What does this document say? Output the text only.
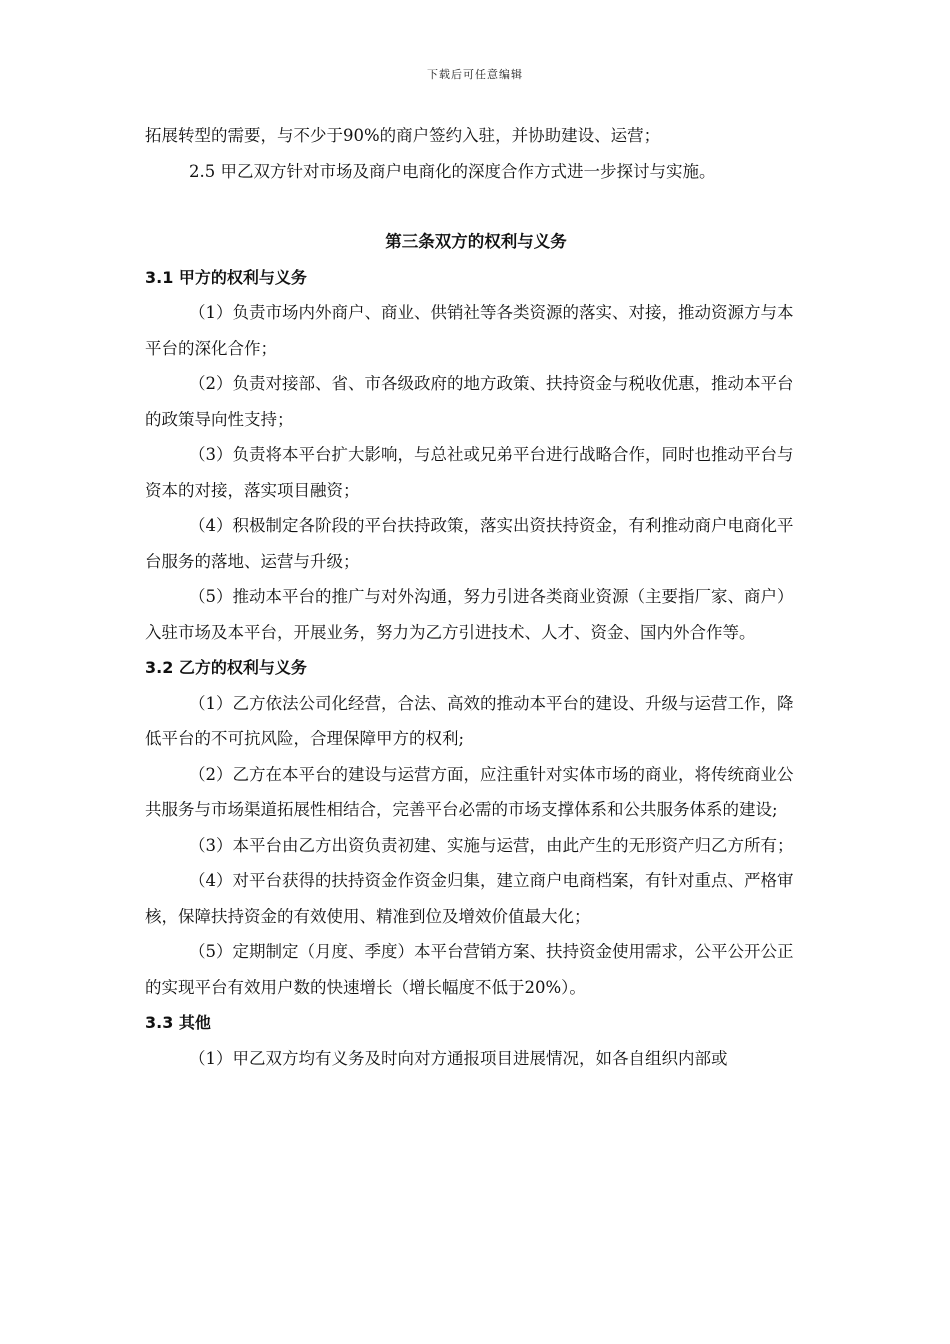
下载后可任意编辑

拓展转型的需要，与不少于90%的商户签约入驻，并协助建设、运营；

2.5 甲乙双方针对市场及商户电商化的深度合作方式进一步探讨与实施。

第三条双方的权利与义务

3.1 甲方的权利与义务

（1）负责市场内外商户、商业、供销社等各类资源的落实、对接，推动资源方与本平台的深化合作；

（2）负责对接部、省、市各级政府的地方政策、扶持资金与税收优惠，推动本平台的政策导向性支持；

（3）负责将本平台扩大影响，与总社或兄弟平台进行战略合作，同时也推动平台与资本的对接，落实项目融资；

（4）积极制定各阶段的平台扶持政策，落实出资扶持资金，有利推动商户电商化平台服务的落地、运营与升级；

（5）推动本平台的推广与对外沟通，努力引进各类商业资源（主要指厂家、商户）入驻市场及本平台，开展业务，努力为乙方引进技术、人才、资金、国内外合作等。

3.2 乙方的权利与义务

（1）乙方依法公司化经营，合法、高效的推动本平台的建设、升级与运营工作，降低平台的不可抗风险，合理保障甲方的权利;

（2）乙方在本平台的建设与运营方面，应注重针对实体市场的商业，将传统商业公共服务与市场渠道拓展性相结合，完善平台必需的市场支撑体系和公共服务体系的建设;

（3）本平台由乙方出资负责初建、实施与运营，由此产生的无形资产归乙方所有；

（4）对平台获得的扶持资金作资金归集，建立商户电商档案，有针对重点、严格审核，保障扶持资金的有效使用、精准到位及增效价值最大化；

（5）定期制定（月度、季度）本平台营销方案、扶持资金使用需求，公平公开公正的实现平台有效用户数的快速增长（增长幅度不低于20%）。

3.3 其他

（1）甲乙双方均有义务及时向对方通报项目进展情况，如各自组织内部或
